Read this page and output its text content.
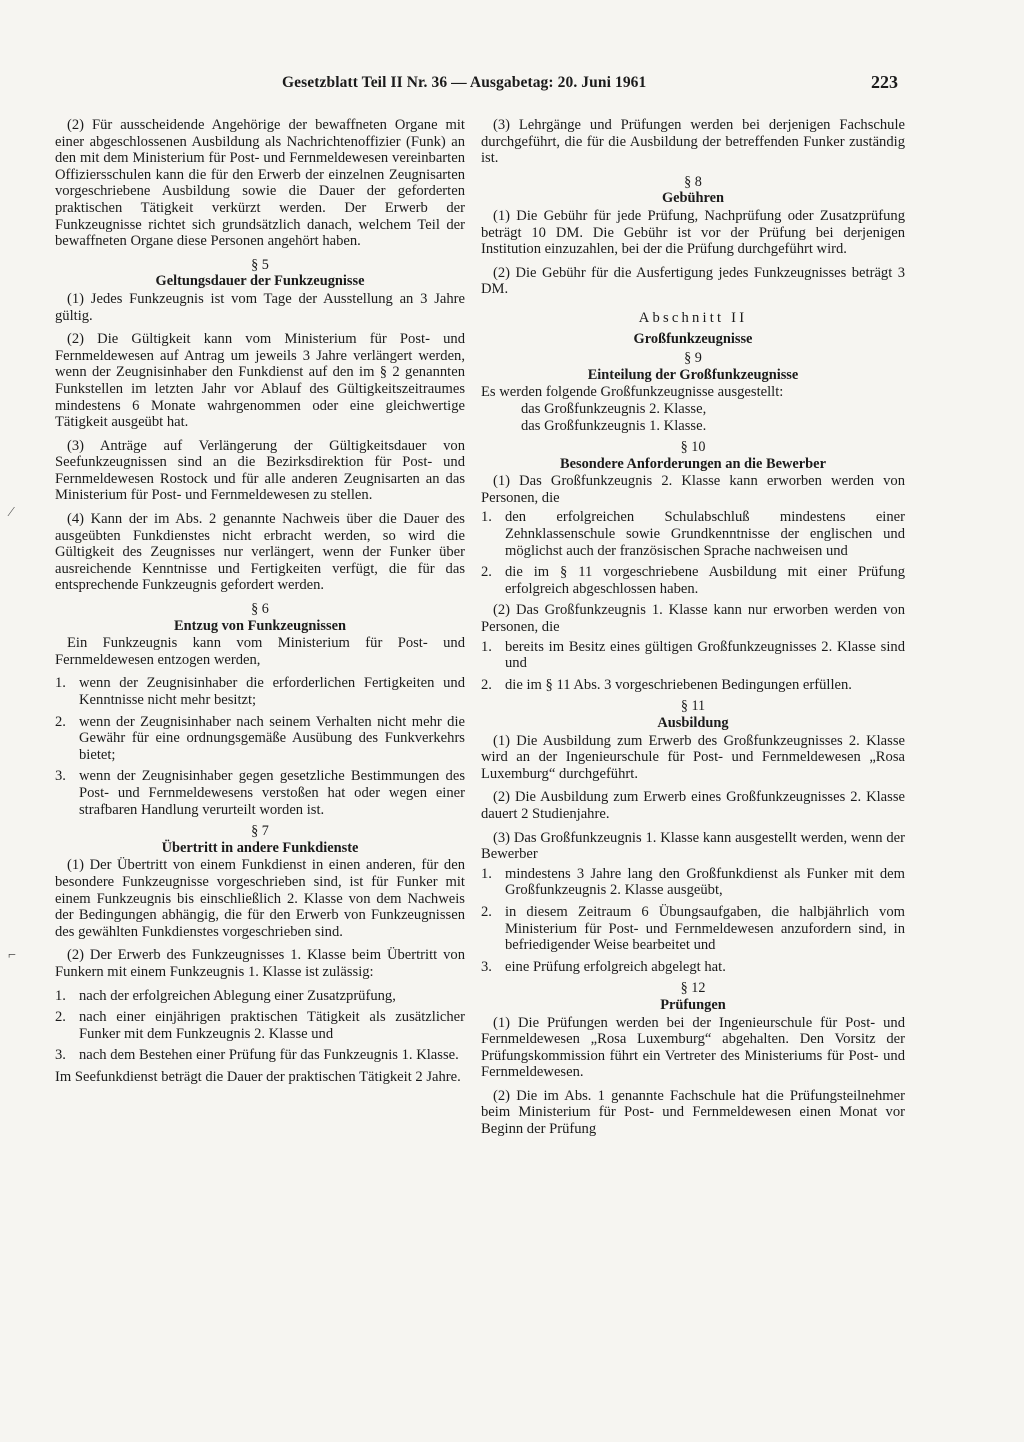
Gesetzblatt Teil II Nr. 36 — Ausgabetag: 20. Juni 1961	223

(2) Für ausscheidende Angehörige der bewaffneten Organe mit einer abgeschlossenen Ausbildung als Nachrichtenoffizier (Funk) an den mit dem Ministerium für Post- und Fernmeldewesen vereinbarten Offiziersschulen kann die für den Erwerb der einzelnen Zeugnisarten vorgeschriebene Ausbildung sowie die Dauer der geforderten praktischen Tätigkeit verkürzt werden. Der Erwerb der Funkzeugnisse richtet sich grundsätzlich danach, welchem Teil der bewaffneten Organe diese Personen angehört haben.

§ 5
Geltungsdauer der Funkzeugnisse

(1) Jedes Funkzeugnis ist vom Tage der Ausstellung an 3 Jahre gültig.

(2) Die Gültigkeit kann vom Ministerium für Post- und Fernmeldewesen auf Antrag um jeweils 3 Jahre verlängert werden, wenn der Zeugnisinhaber den Funkdienst auf den im § 2 genannten Funkstellen im letzten Jahr vor Ablauf des Gültigkeitszeitraumes mindestens 6 Monate wahrgenommen oder eine gleichwertige Tätigkeit ausgeübt hat.

(3) Anträge auf Verlängerung der Gültigkeitsdauer von Seefunkzeugnissen sind an die Bezirksdirektion für Post- und Fernmeldewesen Rostock und für alle anderen Zeugnisarten an das Ministerium für Post- und Fernmeldewesen zu stellen.

(4) Kann der im Abs. 2 genannte Nachweis über die Dauer des ausgeübten Funkdienstes nicht erbracht werden, so wird die Gültigkeit des Zeugnisses nur verlängert, wenn der Funker über ausreichende Kenntnisse und Fertigkeiten verfügt, die für das entsprechende Funkzeugnis gefordert werden.

§ 6
Entzug von Funkzeugnissen

Ein Funkzeugnis kann vom Ministerium für Post- und Fernmeldewesen entzogen werden,

1. wenn der Zeugnisinhaber die erforderlichen Fertigkeiten und Kenntnisse nicht mehr besitzt;
2. wenn der Zeugnisinhaber nach seinem Verhalten nicht mehr die Gewähr für eine ordnungsgemäße Ausübung des Funkverkehrs bietet;
3. wenn der Zeugnisinhaber gegen gesetzliche Bestimmungen des Post- und Fernmeldewesens verstoßen hat oder wegen einer strafbaren Handlung verurteilt worden ist.
§ 7
Übertritt in andere Funkdienste

(1) Der Übertritt von einem Funkdienst in einen anderen, für den besondere Funkzeugnisse vorgeschrieben sind, ist für Funker mit einem Funkzeugnis bis einschließlich 2. Klasse von dem Nachweis der Bedingungen abhängig, die für den Erwerb von Funkzeugnissen des gewählten Funkdienstes vorgeschrieben sind.

(2) Der Erwerb des Funkzeugnisses 1. Klasse beim Übertritt von Funkern mit einem Funkzeugnis 1. Klasse ist zulässig:

1. nach der erfolgreichen Ablegung einer Zusatzprüfung,
2. nach einer einjährigen praktischen Tätigkeit als zusätzlicher Funker mit dem Funkzeugnis 2. Klasse und
3. nach dem Bestehen einer Prüfung für das Funkzeugnis 1. Klasse.

Im Seefunkdienst beträgt die Dauer der praktischen Tätigkeit 2 Jahre.

(3) Lehrgänge und Prüfungen werden bei derjenigen Fachschule durchgeführt, die für die Ausbildung der betreffenden Funker zuständig ist.

§ 8
Gebühren

(1) Die Gebühr für jede Prüfung, Nachprüfung oder Zusatzprüfung beträgt 10 DM. Die Gebühr ist vor der Prüfung bei derjenigen Institution einzuzahlen, bei der die Prüfung durchgeführt wird.

(2) Die Gebühr für die Ausfertigung jedes Funkzeugnisses beträgt 3 DM.

Abschnitt II
Großfunkzeugnisse
§ 9
Einteilung der Großfunkzeugnisse

Es werden folgende Großfunkzeugnisse ausgestellt:

das Großfunkzeugnis 2. Klasse,
das Großfunkzeugnis 1. Klasse.
§ 10
Besondere Anforderungen an die Bewerber

(1) Das Großfunkzeugnis 2. Klasse kann erworben werden von Personen, die

1. den erfolgreichen Schulabschluß mindestens einer Zehnklassenschule sowie Grundkenntnisse der englischen und möglichst auch der französischen Sprache nachweisen und
2. die im § 11 vorgeschriebene Ausbildung mit einer Prüfung erfolgreich abgeschlossen haben.

(2) Das Großfunkzeugnis 1. Klasse kann nur erworben werden von Personen, die

1. bereits im Besitz eines gültigen Großfunkzeugnisses 2. Klasse sind und
2. die im § 11 Abs. 3 vorgeschriebenen Bedingungen erfüllen.
§ 11
Ausbildung

(1) Die Ausbildung zum Erwerb des Großfunkzeugnisses 2. Klasse wird an der Ingenieurschule für Post- und Fernmeldewesen „Rosa Luxemburg“ durchgeführt.

(2) Die Ausbildung zum Erwerb eines Großfunkzeugnisses 2. Klasse dauert 2 Studienjahre.

(3) Das Großfunkzeugnis 1. Klasse kann ausgestellt werden, wenn der Bewerber

1. mindestens 3 Jahre lang den Großfunkdienst als Funker mit dem Großfunkzeugnis 2. Klasse ausgeübt,
2. in diesem Zeitraum 6 Übungsaufgaben, die halbjährlich vom Ministerium für Post- und Fernmeldewesen anzufordern sind, in befriedigender Weise bearbeitet und
3. eine Prüfung erfolgreich abgelegt hat.
§ 12
Prüfungen

(1) Die Prüfungen werden bei der Ingenieurschule für Post- und Fernmeldewesen „Rosa Luxemburg“ abgehalten. Den Vorsitz der Prüfungskommission führt ein Vertreter des Ministeriums für Post- und Fernmeldewesen.

(2) Die im Abs. 1 genannte Fachschule hat die Prüfungsteilnehmer beim Ministerium für Post- und Fernmeldewesen einen Monat vor Beginn der Prüfung

⁄
⌐
